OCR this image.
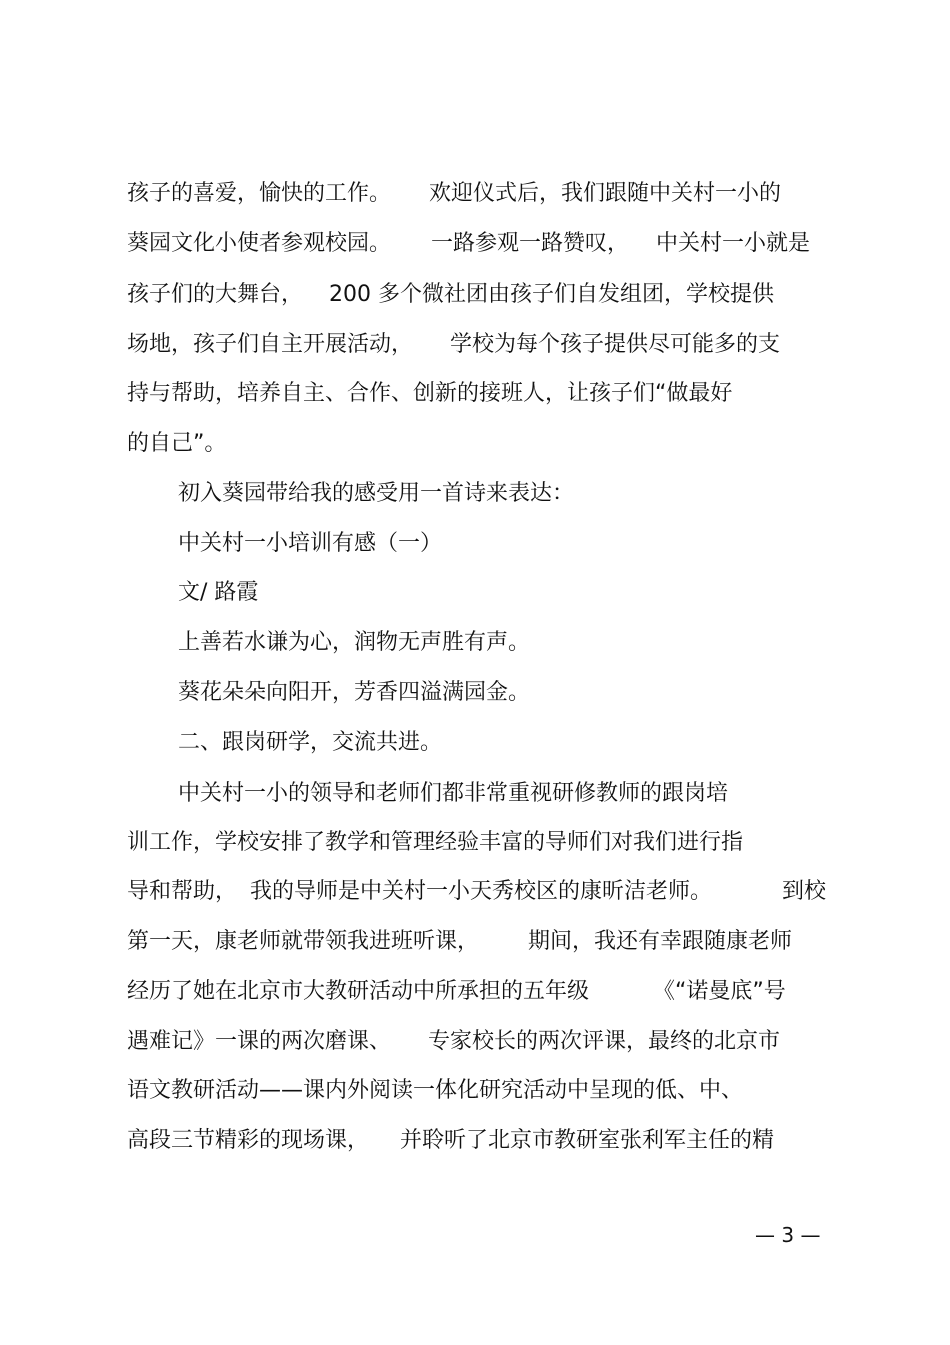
孩子的喜爱，愉快的工作。 欢迎仪式后，我们跟随中关村一小的
葵园文化小使者参观校园。 一路参观一路赞叹， 中关村一小就是
孩子们的大舞台， 200 多个微社团由孩子们自发组团，学校提供
场地，孩子们自主开展活动， 学校为每个孩子提供尽可能多的支
持与帮助，培养自主、合作、创新的接班人，让孩子们“做最好
的自己”。
初入葵园带给我的感受用一首诗来表达：
中关村一小培训有感（一）
文/ 路霞
上善若水谦为心，润物无声胜有声。
葵花朵朵向阳开，芳香四溢满园金。
二、跟岗研学，交流共进。
中关村一小的领导和老师们都非常重视研修教师的跟岗培
训工作，学校安排了教学和管理经验丰富的导师们对我们进行指
导和帮助， 我的导师是中关村一小天秀校区的康昕洁老师。	到校
第一天，康老师就带领我进班听课， 期间，我还有幸跟随康老师
经历了她在北京市大教研活动中所承担的五年级	《“诺曼底”号
遇难记》一课的两次磨课、 专家校长的两次评课，最终的北京市
语文教研活动——课内外阅读一体化研究活动中呈现的低、中、
高段三节精彩的现场课， 并聆听了北京市教研室张利军主任的精
— 3 —
